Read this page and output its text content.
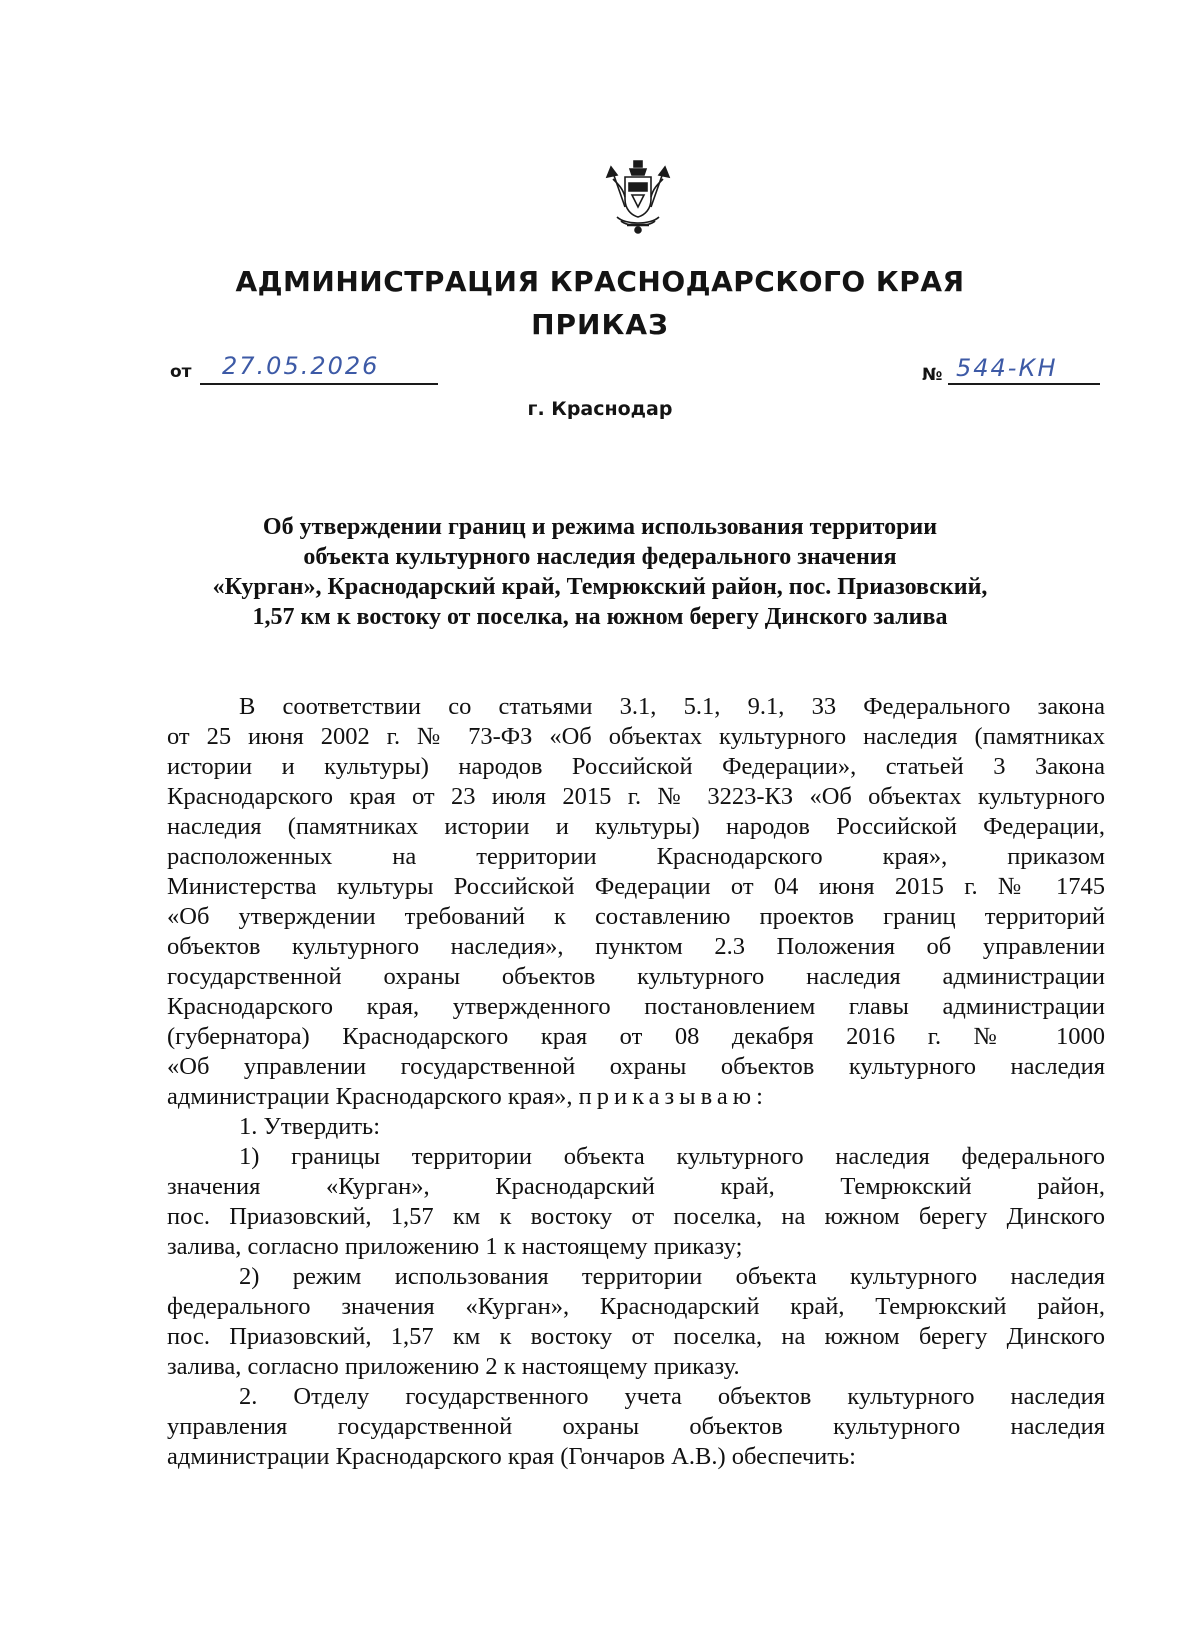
АДМИНИСТРАЦИЯ КРАСНОДАРСКОГО КРАЯ
ПРИКАЗ
от 27.05.2026	№ 544-КН
г. Краснодар
Об утверждении границ и режима использования территории
объекта культурного наследия федерального значения
«Курган», Краснодарский край, Темрюкский район, пос. Приазовский,
1,57 км к востоку от поселка, на южном берегу Динского залива
В соответствии со статьями 3.1, 5.1, 9.1, 33 Федерального закона
от 25 июня 2002 г. № 73-ФЗ «Об объектах культурного наследия (памятниках
истории и культуры) народов Российской Федерации», статьей 3 Закона
Краснодарского края от 23 июля 2015 г. № 3223-КЗ «Об объектах культурного
наследия (памятниках истории и культуры) народов Российской Федерации,
расположенных на территории Краснодарского края», приказом
Министерства культуры Российской Федерации от 04 июня 2015 г. № 1745
«Об утверждении требований к составлению проектов границ территорий
объектов культурного наследия», пунктом 2.3 Положения об управлении
государственной охраны объектов культурного наследия администрации
Краснодарского края, утвержденного постановлением главы администрации
(губернатора) Краснодарского края от 08 декабря 2016 г. № 1000
«Об управлении государственной охраны объектов культурного наследия
администрации Краснодарского края», приказываю:
1. Утвердить:
1) границы территории объекта культурного наследия федерального
значения «Курган», Краснодарский край, Темрюкский район,
пос. Приазовский, 1,57 км к востоку от поселка, на южном берегу Динского
залива, согласно приложению 1 к настоящему приказу;
2) режим использования территории объекта культурного наследия
федерального значения «Курган», Краснодарский край, Темрюкский район,
пос. Приазовский, 1,57 км к востоку от поселка, на южном берегу Динского
залива, согласно приложению 2 к настоящему приказу.
2. Отделу государственного учета объектов культурного наследия
управления государственной охраны объектов культурного наследия
администрации Краснодарского края (Гончаров А.В.) обеспечить:
